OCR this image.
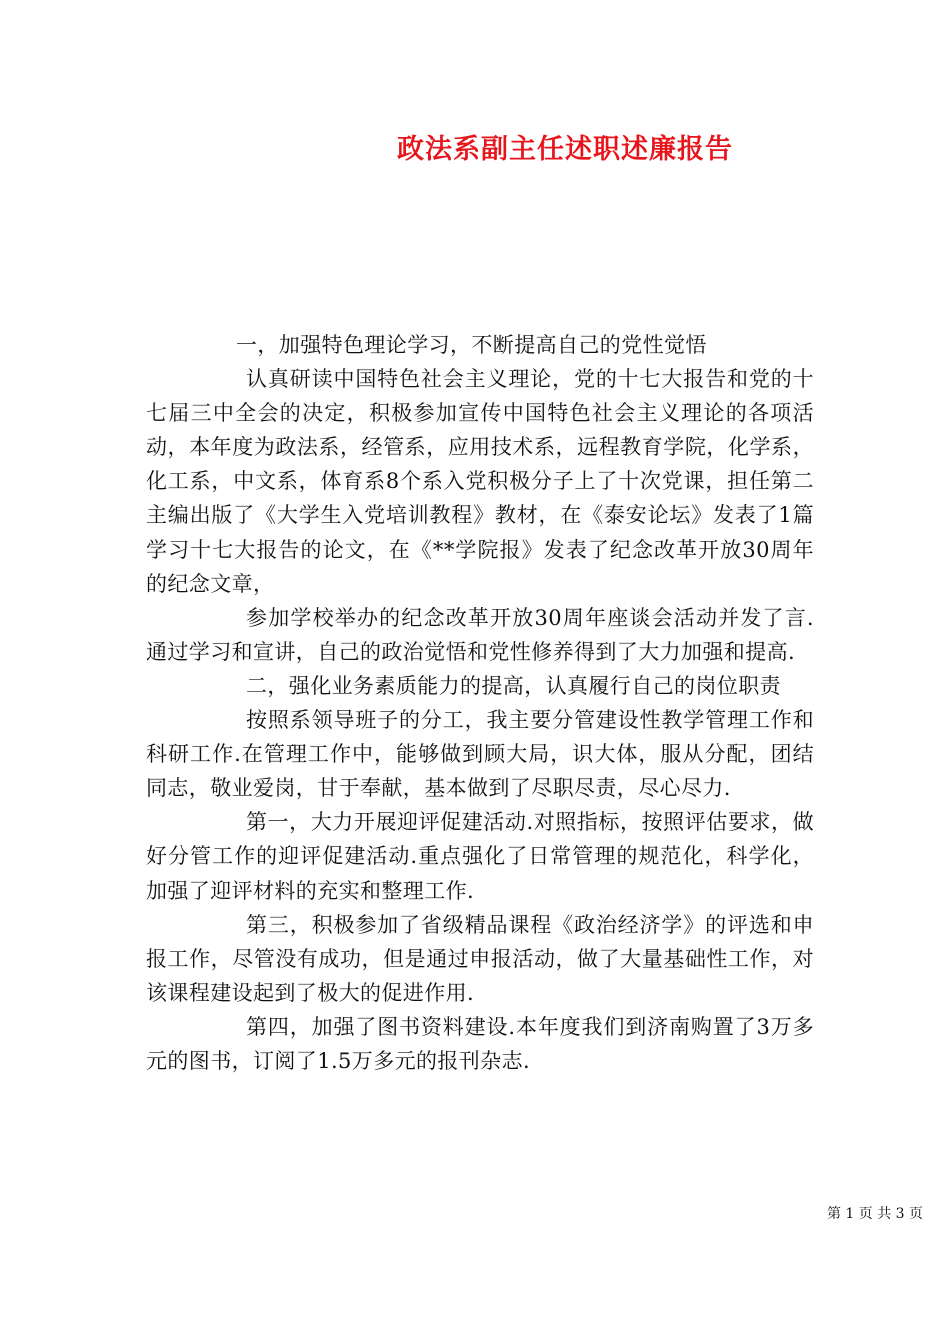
政法系副主任述职述廉报告

一，加强特色理论学习，不断提高自己的党性觉悟

认真研读中国特色社会主义理论，党的十七大报告和党的十七届三中全会的决定，积极参加宣传中国特色社会主义理论的各项活动，本年度为政法系，经管系，应用技术系，远程教育学院，化学系，化工系，中文系，体育系8个系入党积极分子上了十次党课，担任第二主编出版了《大学生入党培训教程》教材，在《泰安论坛》发表了1篇学习十七大报告的论文，在《**学院报》发表了纪念改革开放30周年的纪念文章，

参加学校举办的纪念改革开放30周年座谈会活动并发了言.通过学习和宣讲，自己的政治觉悟和党性修养得到了大力加强和提高.

二，强化业务素质能力的提高，认真履行自己的岗位职责

按照系领导班子的分工，我主要分管建设性教学管理工作和科研工作.在管理工作中，能够做到顾大局，识大体，服从分配，团结同志，敬业爱岗，甘于奉献，基本做到了尽职尽责，尽心尽力.

第一，大力开展迎评促建活动.对照指标，按照评估要求，做好分管工作的迎评促建活动.重点强化了日常管理的规范化，科学化，加强了迎评材料的充实和整理工作.

第三，积极参加了省级精品课程《政治经济学》的评选和申报工作，尽管没有成功，但是通过申报活动，做了大量基础性工作，对该课程建设起到了极大的促进作用.

第四，加强了图书资料建设.本年度我们到济南购置了3万多元的图书，订阅了1.5万多元的报刊杂志.

第 1 页 共 3 页
